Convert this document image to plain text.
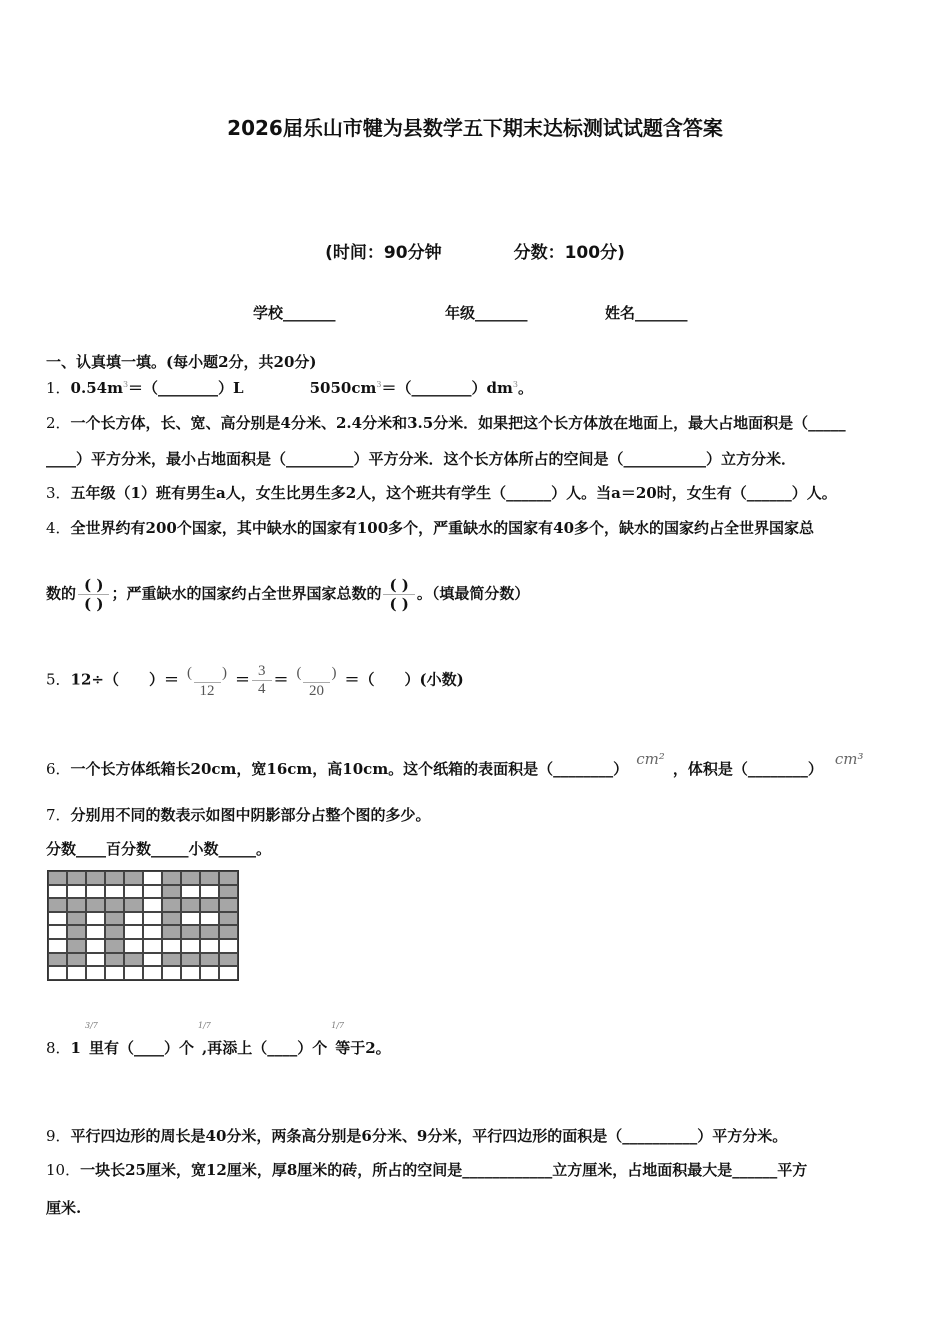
2026届乐山市犍为县数学五下期末达标测试试题含答案
(时间：90分钟	分数：100分)
学校_______	年级_______	姓名_______
一、认真填一填。(每小题2分，共20分)
1．$0.54m^3=(\_\_\_\_\_\_\_\_)L$	$5050cm^3=(\_\_\_\_\_\_\_\_)dm^3$。
2．一个长方体，长、宽、高分别是4分米、2.4分米和3.5分米．如果把这个长方体放在地面上，最大占地面积是（_____
____）平方分米，最小占地面积是（_________）平方分米．这个长方体所占的空间是（___________）立方分米．
3．五年级（1）班有男生a人，女生比男生多2人，这个班共有学生（______）人。当a＝20时，女生有（______）人。
4．全世界约有200个国家，其中缺水的国家有100多个，严重缺水的国家有40多个，缺水的国家约占全世界国家总
数的 $\frac{( )}{( )}$ ；严重缺水的国家约占全世界国家总数的 $\frac{( )}{( )}$ 。（填最简分数）
5．12÷（　　）＝ $\frac{( )}{12} = \frac{3}{4} = \frac{( )}{20}$ ＝（　　）(小数)
6．一个长方体纸箱长20cm，宽16cm，高10cm。这个纸箱的表面积是（________）cm²，体积是（________）cm³
7．分别用不同的数表示如图中阴影部分占整个图的多少。
分数____百分数_____小数_____。
8．1
3/7
里有（____）个
1/7
,再添上（____）个
1/7
等于2。
9．平行四边形的周长是40分米，两条高分别是6分米、9分米，平行四边形的面积是（__________）平方分米。
10．一块长25厘米，宽12厘米，厚8厘米的砖，所占的空间是____________立方厘米，占地面积最大是______平方
厘米.
